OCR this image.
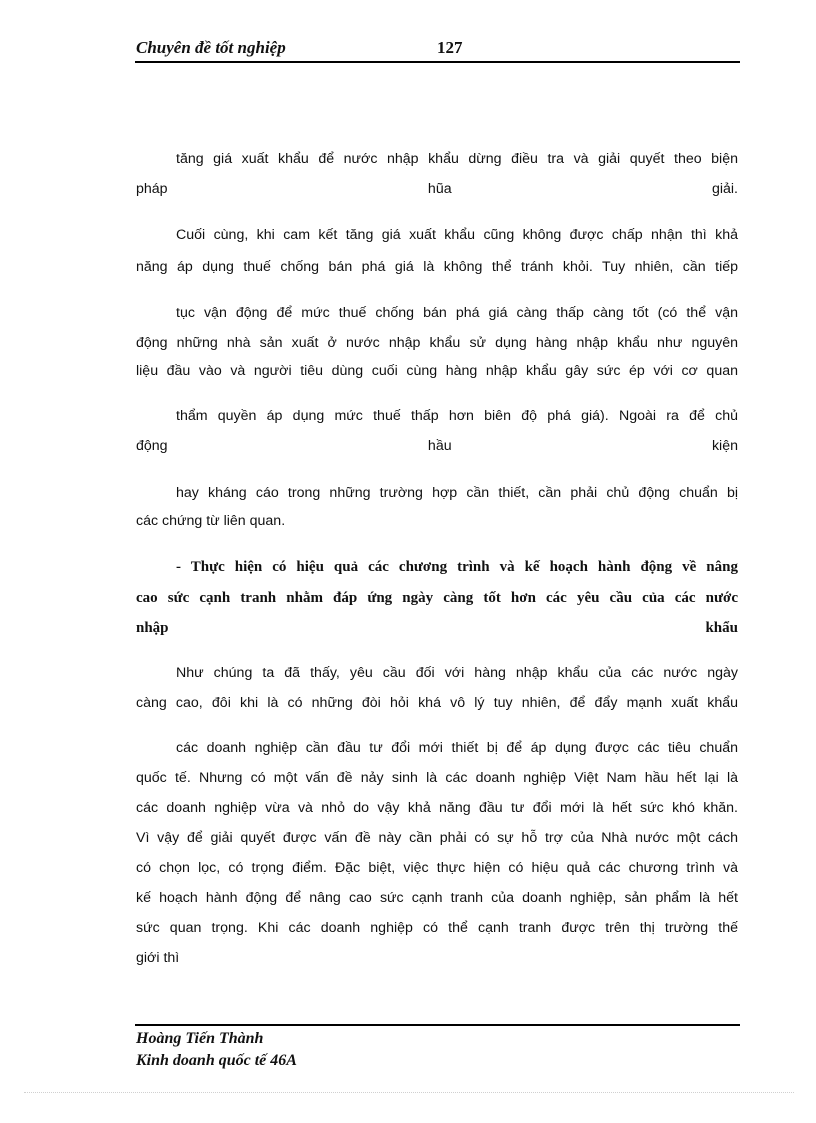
Chuyên đề tốt nghiệp	127
tăng giá xuất khẩu để nước nhập khẩu dừng điều tra và giải quyết theo biện
pháp hũa giải.
Cuối cùng, khi cam kết tăng giá xuất khẩu cũng không được chấp nhận thì khả
năng áp dụng thuế chống bán phá giá là không thể tránh khỏi. Tuy nhiên, cần tiếp
tục vận động để mức thuế chống bán phá giá càng thấp càng tốt (có thể vận
động những nhà sản xuất ở nước nhập khẩu sử dụng hàng nhập khẩu như nguyên
liệu đầu vào và người tiêu dùng cuối cùng hàng nhập khẩu gây sức ép với cơ quan
thẩm quyền áp dụng mức thuế thấp hơn biên độ phá giá). Ngoài ra để chủ
động hầu kiện
hay kháng cáo trong những trường hợp cần thiết, cần phải chủ động chuẩn bị
các chứng từ liên quan.
- Thực hiện có hiệu quả các chương trình và kế hoạch hành động về nâng
cao sức cạnh tranh nhằm đáp ứng ngày càng tốt hơn các yêu cầu của các nước
nhập khẩu
Như chúng ta đã thấy, yêu cầu đối với hàng nhập khẩu của các nước ngày
càng cao, đôi khi là có những đòi hỏi khá vô lý tuy nhiên, để đẩy mạnh xuất khẩu
các doanh nghiệp cần đầu tư đổi mới thiết bị để áp dụng được các tiêu chuẩn
quốc tế. Nhưng có một vấn đề nảy sinh là các doanh nghiệp Việt Nam hầu hết lại là
các doanh nghiệp vừa và nhỏ do vậy khả năng đầu tư đổi mới là hết sức khó khăn.
Vì vậy để giải quyết được vấn đề này cần phải có sự hỗ trợ của Nhà nước một cách
có chọn lọc, có trọng điểm. Đặc biệt, việc thực hiện có hiệu quả các chương trình và
kế hoạch hành động để nâng cao sức cạnh tranh của doanh nghiệp, sản phẩm là hết
sức quan trọng. Khi các doanh nghiệp có thể cạnh tranh được trên thị trường thế
giới thì
Hoàng Tiến Thành
Kinh doanh quốc tế 46A
